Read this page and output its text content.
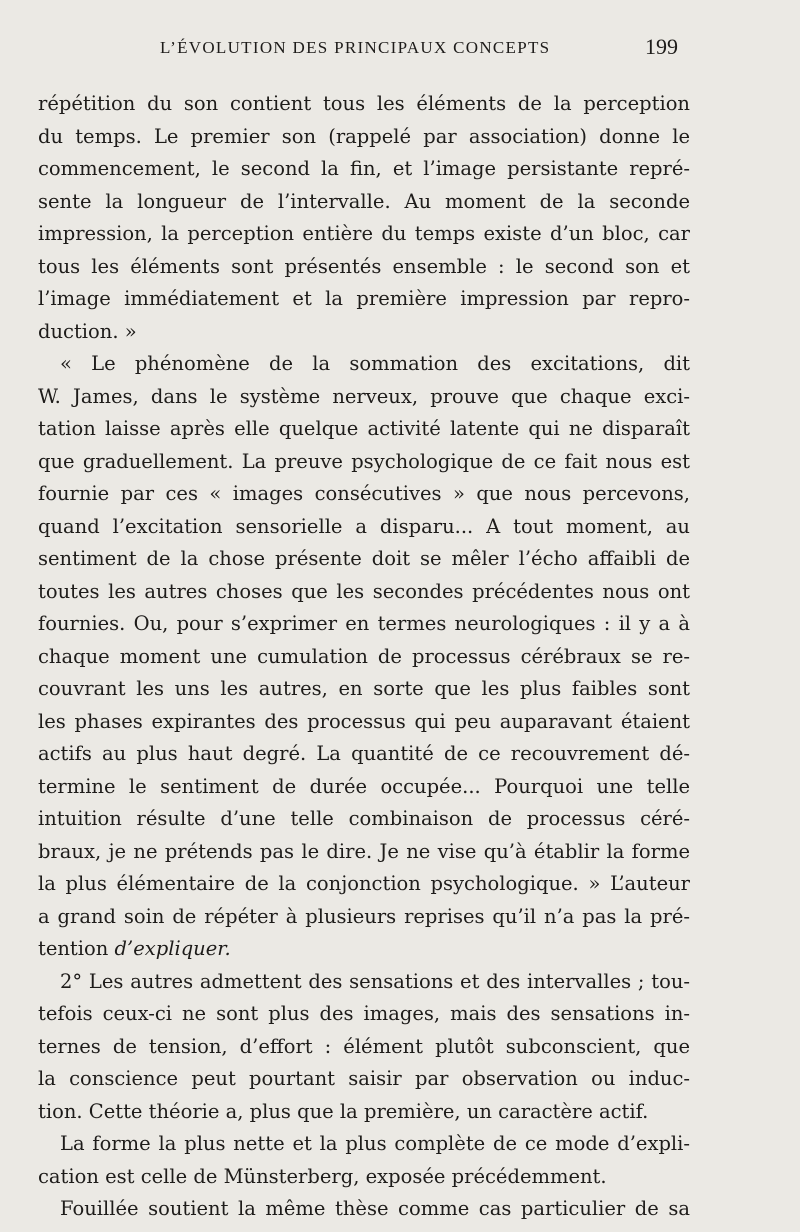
L’ÉVOLUTION DES PRINCIPAUX CONCEPTS	199
répétition du son contient tous les éléments de la perception
du temps. Le premier son (rappelé par association) donne le
commencement, le second la fin, et l’image persistante repré-
sente la longueur de l’intervalle. Au moment de la seconde
impression, la perception entière du temps existe d’un bloc, car
tous les éléments sont présentés ensemble : le second son et
l’image immédiatement et la première impression par repro-
duction. »
« Le phénomène de la sommation des excitations, dit
W. James, dans le système nerveux, prouve que chaque exci-
tation laisse après elle quelque activité latente qui ne disparaît
que graduellement. La preuve psychologique de ce fait nous est
fournie par ces « images consécutives » que nous percevons,
quand l’excitation sensorielle a disparu... A tout moment, au
sentiment de la chose présente doit se mêler l’écho affaibli de
toutes les autres choses que les secondes précédentes nous ont
fournies. Ou, pour s’exprimer en termes neurologiques : il y a à
chaque moment une cumulation de processus cérébraux se re-
couvrant les uns les autres, en sorte que les plus faibles sont
les phases expirantes des processus qui peu auparavant étaient
actifs au plus haut degré. La quantité de ce recouvrement dé-
termine le sentiment de durée occupée... Pourquoi une telle
intuition résulte d’une telle combinaison de processus céré-
braux, je ne prétends pas le dire. Je ne vise qu’à établir la forme
la plus élémentaire de la conjonction psychologique. » L’auteur
a grand soin de répéter à plusieurs reprises qu’il n’a pas la pré-
tention d’expliquer.
2° Les autres admettent des sensations et des intervalles ; tou-
tefois ceux-ci ne sont plus des images, mais des sensations in-
ternes de tension, d’effort : élément plutôt subconscient, que
la conscience peut pourtant saisir par observation ou induc-
tion. Cette théorie a, plus que la première, un caractère actif.
La forme la plus nette et la plus complète de ce mode d’expli-
cation est celle de Münsterberg, exposée précédemment.
Fouillée soutient la même thèse comme cas particulier de sa
